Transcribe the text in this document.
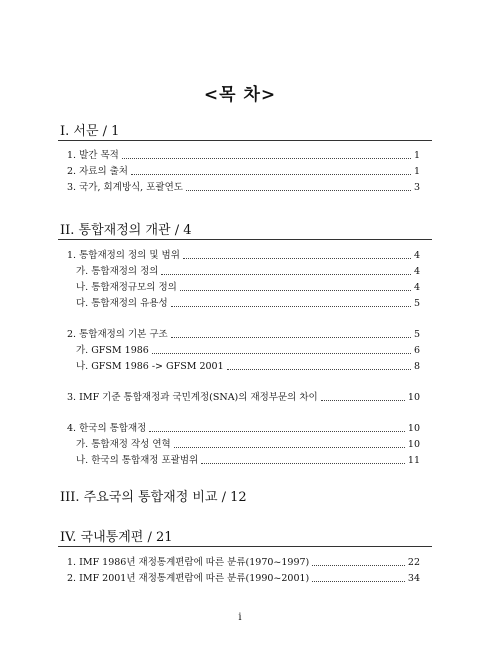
<목 차>
I. 서문 / 1
1. 발간 목적	1
2. 자료의 출처	1
3. 국가, 회계방식, 포괄연도	3
II. 통합재정의 개관 / 4
1. 통합재정의 정의 및 범위	4
가. 통합재정의 정의	4
나. 통합재정규모의 정의	4
다. 통합재정의 유용성	5
2. 통합재정의 기본 구조	5
가. GFSM 1986	6
나. GFSM 1986 -> GFSM 2001	8
3. IMF 기준 통합재정과 국민계정(SNA)의 재정부문의 차이	10
4. 한국의 통합재정	10
가. 통합재정 작성 연혁	10
나. 한국의 통합재정 포괄범위	11
III. 주요국의 통합재정 비교 / 12
IV. 국내통계편 / 21
1. IMF 1986년 재정통계편람에 따른 분류(1970~1997)	22
2. IMF 2001년 재정통계편람에 따른 분류(1990~2001)	34
i
